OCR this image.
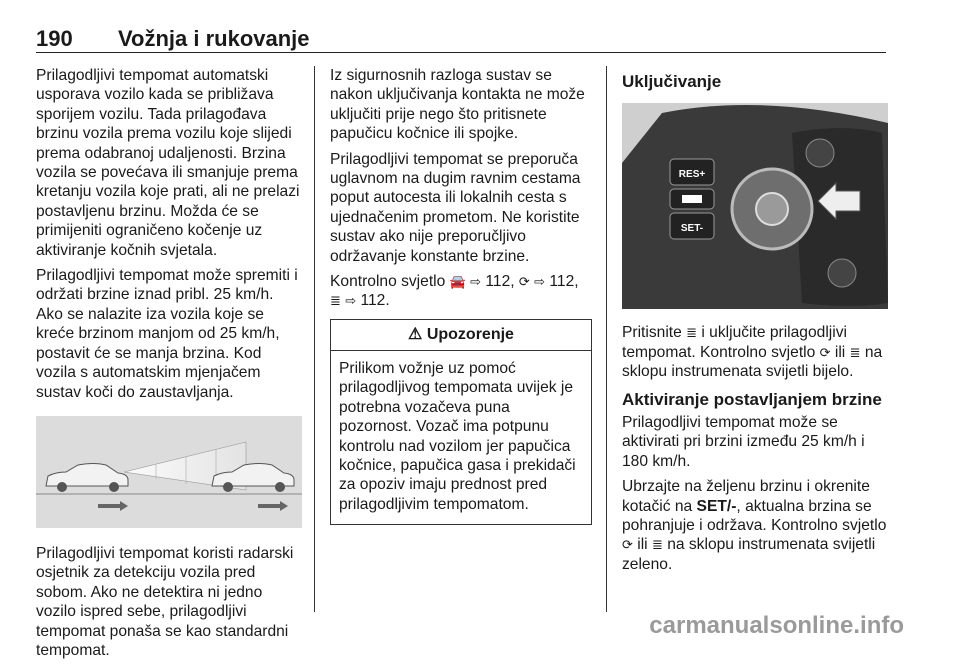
190 Vožnja i rukovanje

Prilagodljivi tempomat automatski usporava vozilo kada se približava sporijem vozilu. Tada prilagođava brzinu vozila prema vozilu koje slijedi prema odabranoj udaljenosti. Brzina vozila se povećava ili smanjuje prema kretanju vozila koje prati, ali ne prelazi postavljenu brzinu. Možda će se primijeniti ograničeno kočenje uz aktiviranje kočnih svjetala.

Prilagodljivi tempomat može spremiti i održati brzine iznad pribl. 25 km/h. Ako se nalazite iza vozila koje se kreće brzinom manjom od 25 km/h, postavit će se manja brzina. Kod vozila s automatskim mjenjačem sustav koči do zaustavljanja.

Prilagodljivi tempomat koristi radarski osjetnik za detekciju vozila pred sobom. Ako ne detektira ni jedno vozilo ispred sebe, prilagodljivi tempomat ponaša se kao standardni tempomat.

Iz sigurnosnih razloga sustav se nakon uključivanja kontakta ne može uključiti prije nego što pritisnete papučicu kočnice ili spojke.

Prilagodljivi tempomat se preporuča uglavnom na dugim ravnim cestama poput autocesta ili lokalnih cesta s ujednačenim prometom. Ne koristite sustav ako nije preporučljivo održavanje konstante brzine.

Kontrolno svjetlo 🚘 ⇨ 112, ⟳ ⇨ 112, ≣ ⇨ 112.

⚠ Upozorenje
Prilikom vožnje uz pomoć prilagodljivog tempomata uvijek je potrebna vozačeva puna pozornost. Vozač ima potpunu kontrolu nad vozilom jer papučica kočnice, papučica gasa i prekidači za opoziv imaju prednost pred prilagodljivim tempomatom.
Uključivanje
RES+
SET-

Pritisnite ≣ i uključite prilagodljivi tempomat. Kontrolno svjetlo ⟳ ili ≣ na sklopu instrumenata svijetli bijelo.

Aktiviranje postavljanjem brzine

Prilagodljivi tempomat može se aktivirati pri brzini između 25 km/h i 180 km/h.

Ubrzajte na željenu brzinu i okrenite kotačić na SET/-, aktualna brzina se pohranjuje i održava. Kontrolno svjetlo ⟳ ili ≣ na sklopu instrumenata svijetli zeleno.

carmanualsonline.info
